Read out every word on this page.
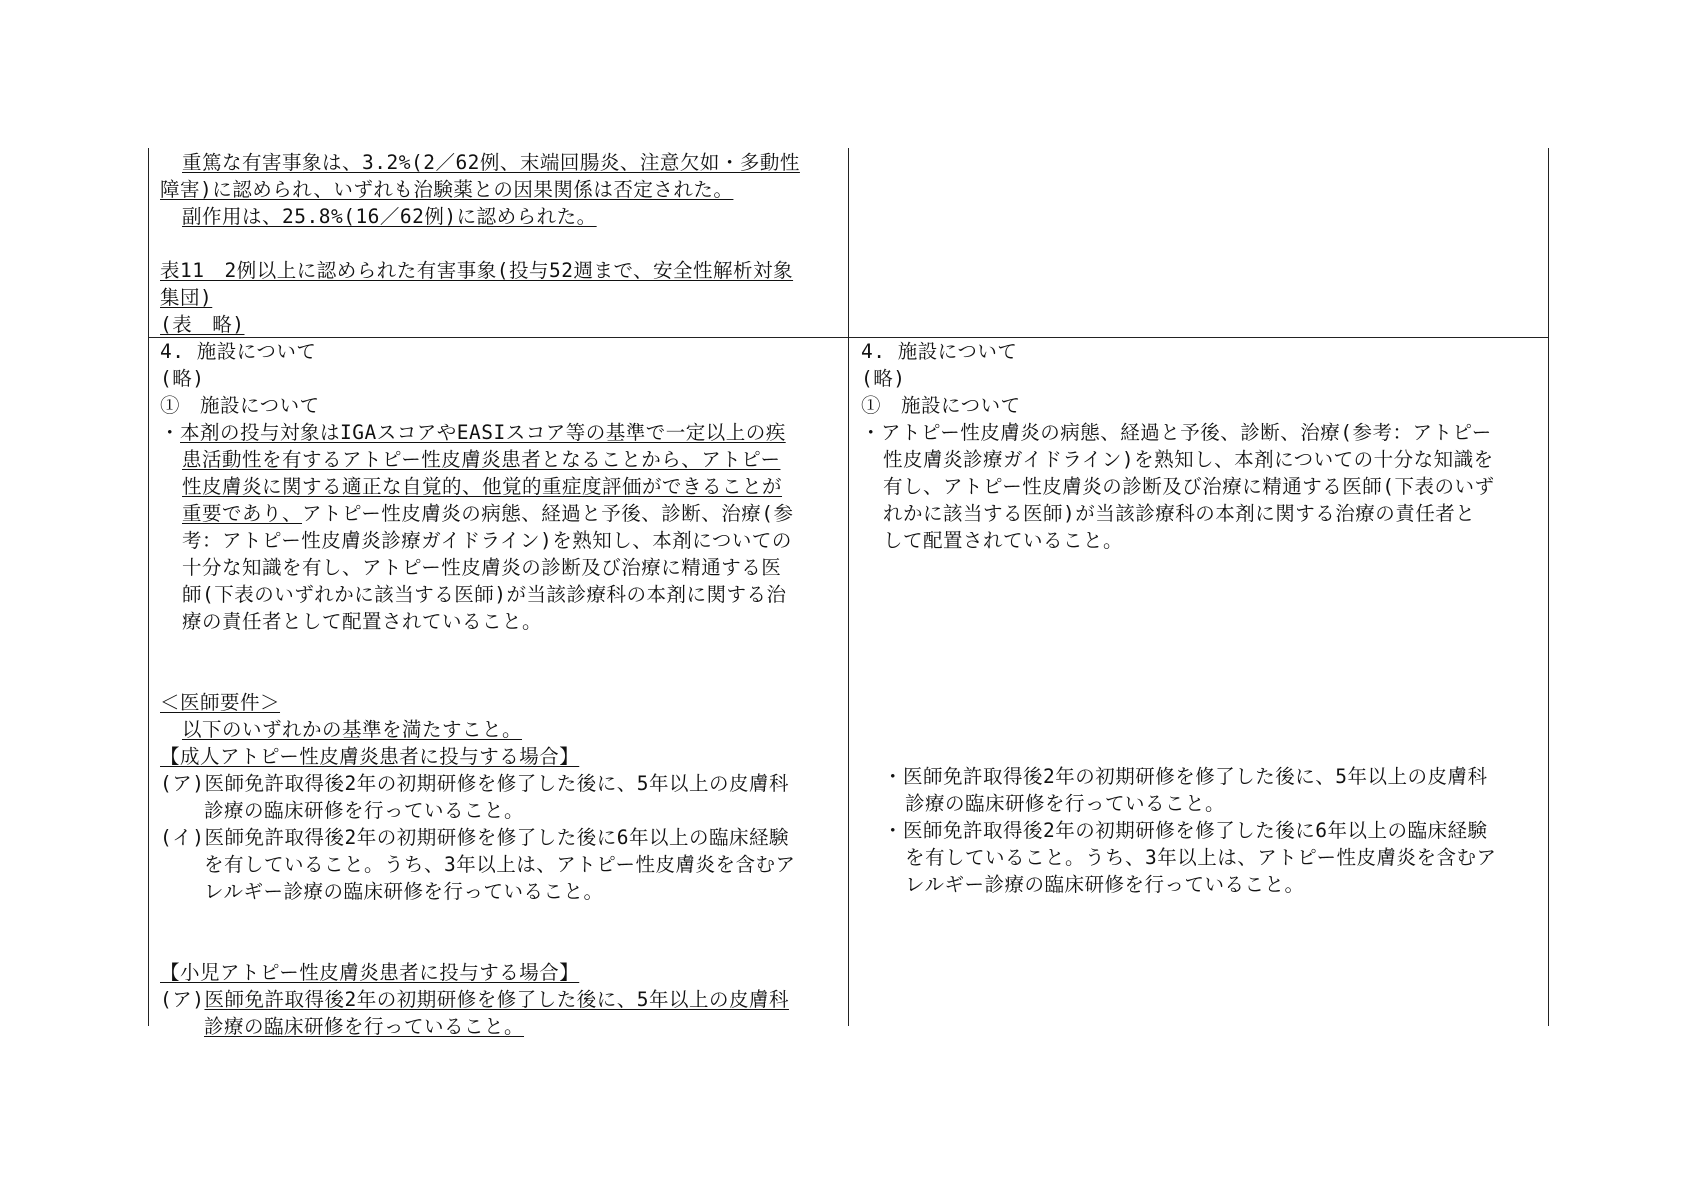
重篤な有害事象は、3.2%(2／62例、末端回腸炎、注意欠如・多動性
障害)に認められ、いずれも治験薬との因果関係は否定された。
副作用は、25.8%(16／62例)に認められた。
表11　2例以上に認められた有害事象(投与52週まで、安全性解析対象
集団)
(表　略)
4. 施設について
(略)
①　施設について
・本剤の投与対象はIGAスコアやEASIスコア等の基準で一定以上の疾
患活動性を有するアトピー性皮膚炎患者となることから、アトピー
性皮膚炎に関する適正な自覚的、他覚的重症度評価ができることが
重要であり、アトピー性皮膚炎の病態、経過と予後、診断、治療(参
考：アトピー性皮膚炎診療ガイドライン)を熟知し、本剤についての
十分な知識を有し、アトピー性皮膚炎の診断及び治療に精通する医
師(下表のいずれかに該当する医師)が当該診療科の本剤に関する治
療の責任者として配置されていること。
＜医師要件＞
以下のいずれかの基準を満たすこと。
【成人アトピー性皮膚炎患者に投与する場合】
(ア)医師免許取得後2年の初期研修を修了した後に、5年以上の皮膚科
診療の臨床研修を行っていること。
(イ)医師免許取得後2年の初期研修を修了した後に6年以上の臨床経験
を有していること。うち、3年以上は、アトピー性皮膚炎を含むア
レルギー診療の臨床研修を行っていること。
【小児アトピー性皮膚炎患者に投与する場合】
(ア)医師免許取得後2年の初期研修を修了した後に、5年以上の皮膚科
診療の臨床研修を行っていること。
4. 施設について
(略)
①　施設について
・アトピー性皮膚炎の病態、経過と予後、診断、治療(参考：アトピー
性皮膚炎診療ガイドライン)を熟知し、本剤についての十分な知識を
有し、アトピー性皮膚炎の診断及び治療に精通する医師(下表のいず
れかに該当する医師)が当該診療科の本剤に関する治療の責任者と
して配置されていること。
・医師免許取得後2年の初期研修を修了した後に、5年以上の皮膚科
診療の臨床研修を行っていること。
・医師免許取得後2年の初期研修を修了した後に6年以上の臨床経験
を有していること。うち、3年以上は、アトピー性皮膚炎を含むア
レルギー診療の臨床研修を行っていること。
